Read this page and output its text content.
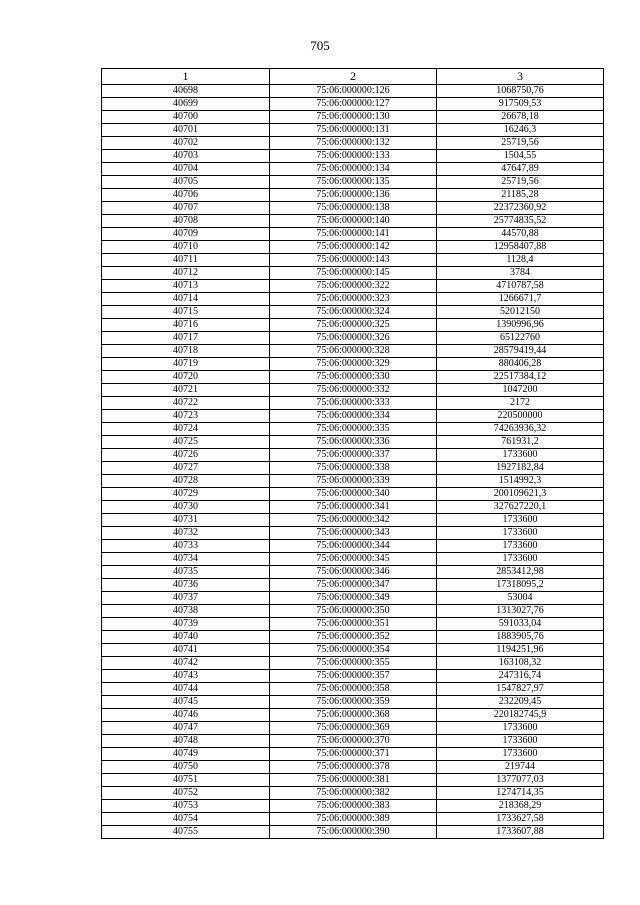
705
1	2	3
40698	75:06:000000:126	1068750,76
40699	75:06:000000:127	917509,53
40700	75:06:000000:130	26678,18
40701	75:06:000000:131	16246,3
40702	75:06:000000:132	25719,56
40703	75:06:000000:133	1504,55
40704	75:06:000000:134	47647,89
40705	75:06:000000:135	25719,56
40706	75:06:000000:136	21185,28
40707	75:06:000000:138	22372360,92
40708	75:06:000000:140	25774835,52
40709	75:06:000000:141	44570,88
40710	75:06:000000:142	12958407,88
40711	75:06:000000:143	1128,4
40712	75:06:000000:145	3784
40713	75:06:000000:322	4710787,58
40714	75:06:000000:323	1266671,7
40715	75:06:000000:324	52012150
40716	75:06:000000:325	1390996,96
40717	75:06:000000:326	65122760
40718	75:06:000000:328	28579419,44
40719	75:06:000000:329	880406,28
40720	75:06:000000:330	22517384,12
40721	75:06:000000:332	1047200
40722	75:06:000000:333	2172
40723	75:06:000000:334	220500000
40724	75:06:000000:335	74263936,32
40725	75:06:000000:336	761931,2
40726	75:06:000000:337	1733600
40727	75:06:000000:338	1927182,84
40728	75:06:000000:339	1514992,3
40729	75:06:000000:340	200109621,3
40730	75:06:000000:341	327627220,1
40731	75:06:000000:342	1733600
40732	75:06:000000:343	1733600
40733	75:06:000000:344	1733600
40734	75:06:000000:345	1733600
40735	75:06:000000:346	2853412,98
40736	75:06:000000:347	17318095,2
40737	75:06:000000:349	53004
40738	75:06:000000:350	1313027,76
40739	75:06:000000:351	591033,04
40740	75:06:000000:352	1883905,76
40741	75:06:000000:354	1194251,96
40742	75:06:000000:355	163108,32
40743	75:06:000000:357	247316,74
40744	75:06:000000:358	1547827,97
40745	75:06:000000:359	232209,45
40746	75:06:000000:368	220182745,9
40747	75:06:000000:369	1733600
40748	75:06:000000:370	1733600
40749	75:06:000000:371	1733600
40750	75:06:000000:378	219744
40751	75:06:000000:381	1377077,03
40752	75:06:000000:382	1274714,35
40753	75:06:000000:383	218368,29
40754	75:06:000000:389	1733627,58
40755	75:06:000000:390	1733607,88
